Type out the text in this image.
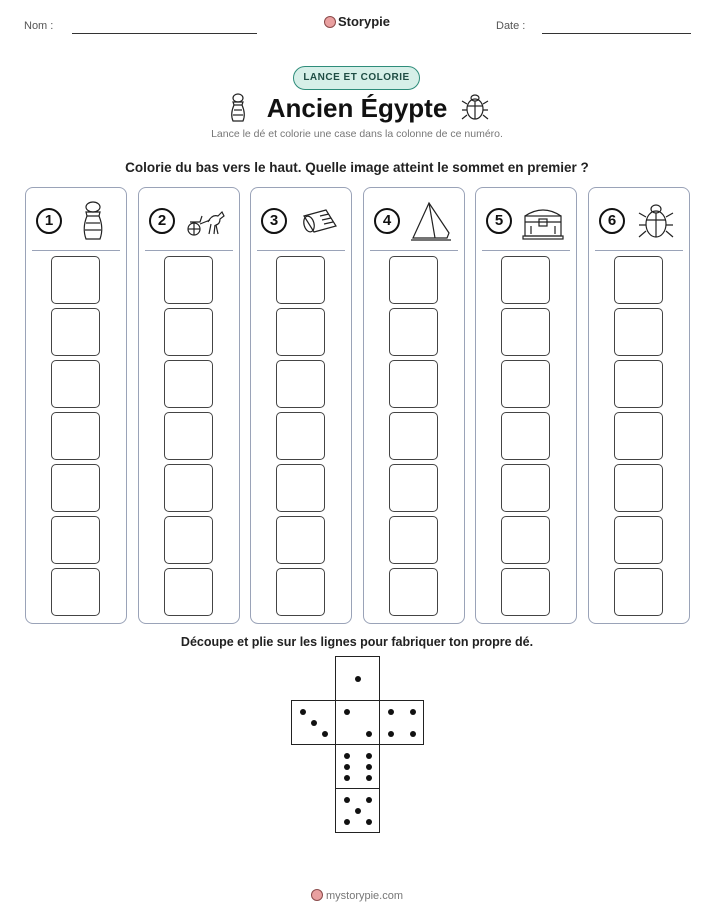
Nom :	Storypie	Date :
LANCE ET COLORIE
Ancien Égypte
Lance le dé et colorie une case dans la colonne de ce numéro.
Colorie du bas vers le haut. Quelle image atteint le sommet en premier ?
1	2	3	4	5	6
Découpe et plie sur les lignes pour fabriquer ton propre dé.
mystorypie.com
